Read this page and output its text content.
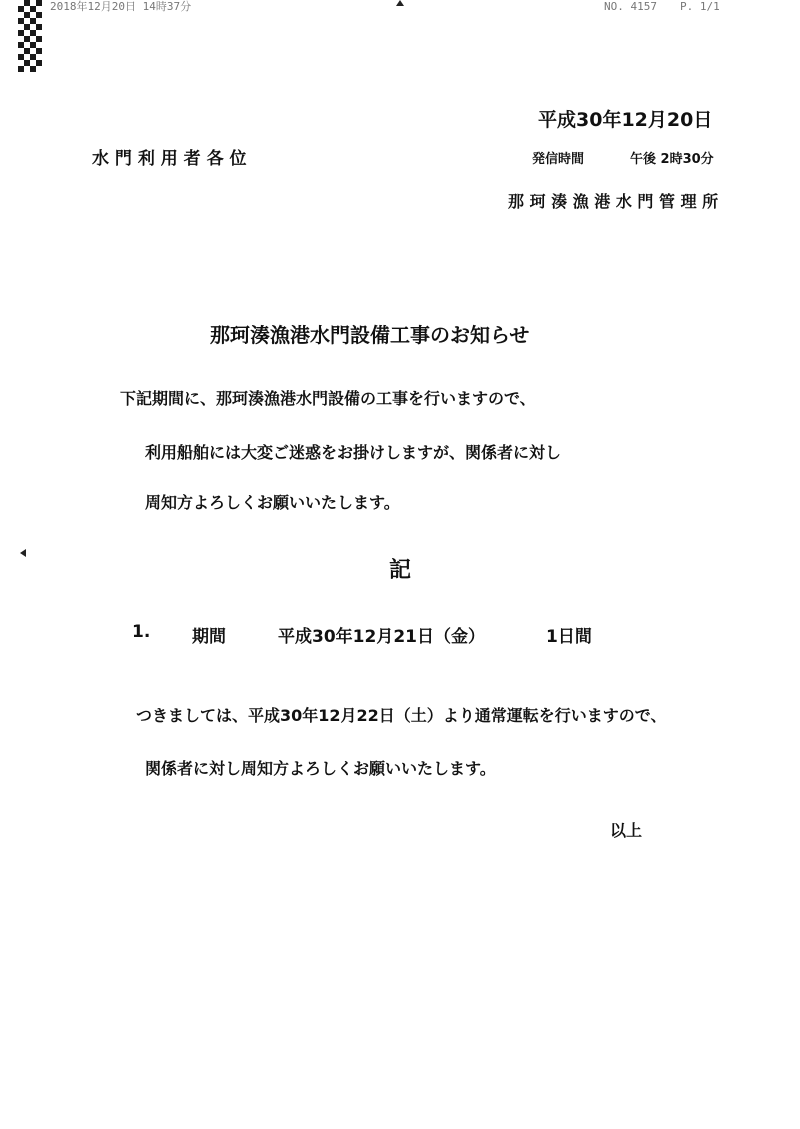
2018年12月20日 14時37分	NO. 4157 P. 1/1
平成30年12月20日
水 門 利 用 者 各 位	発信時間	午後 2時30分
那 珂 湊 漁 港 水 門 管 理 所
那珂湊漁港水門設備工事のお知らせ
下記期間に、那珂湊漁港水門設備の工事を行いますので、
利用船舶には大変ご迷惑をお掛けしますが、関係者に対し
周知方よろしくお願いいたします。
記
1. 期間	平成30年12月21日（金）	1日間
つきましては、平成30年12月22日（土）より通常運転を行いますので、
関係者に対し周知方よろしくお願いいたします。
以上
